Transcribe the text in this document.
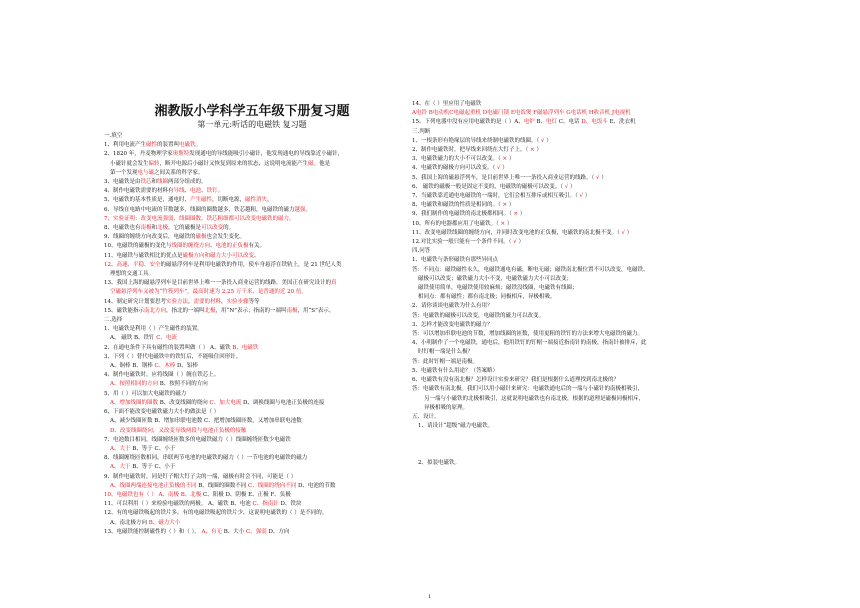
湘教版小学科学五年级下册复习题
第一单元:听话的电磁铁 复习题
一.填空
1、利用电流产生磁性的装置叫电磁铁。
2、1820 年，丹麦物理学家奥斯特发现通电的导线能吸引小磁针，他发现通电的导线靠近小磁针，
小磁针就会发生偏转，断开电源后小磁针又恢复到原来的状态，这说明电流能产生磁。他是
第一个发现电与磁之间关系的科学家。
3、电磁铁是由铁芯和线圈两部分组成的。
4、制作电磁铁需要的材料有导线、电池、铁钉。
5、电磁铁的基本性质是，通电时，产生磁性，切断电源，磁性消失。
6、导线在电路中电流的节数越多，线圈的圈数越多，铁芯越粗，电磁铁的磁力越强。
7、实验证明：改变电流强弱、线圈圈数、铁芯粗细都可以改变电磁铁的磁力。
8、电磁铁也有南极和北极，它的磁极是可以改变的。
9、线圈的缠绕方向改变后，电磁铁的磁极也会发生变化。
10、电磁铁的磁极的变化与线圈的缠绕方向、电池的正负极有关。
11、电磁铁与磁铁相比的优点是磁极方向和磁力大小可以改变。
12、高速、平稳、安全的磁悬浮列车是利用电磁铁的作用，使车身悬浮在铁轨上，是 21 世纪人类
理想的交通工具。
13、我国上海的磁悬浮列车是目前世界上唯一一条投入商业运营的线路。美国正在研究设计的真
空磁悬浮列车又被为“竹筏列车”，最高时速为 2.25 万千米，是普通的近 20 倍。
14、制定研究计划要思考实验方法，需要的材料，实验步骤等等
15、磁铁能指示南北方向，指北的一端叫北极，用“N”表示；指南的一端叫南极，用“S”表示。
二.选择
1、电磁铁是利用（ ）产生磁性的装置。
A、 磁铁 B、铁钉 C、电流
2、在通电条件下具有磁性的装置叫做（ ） A、磁铁 B、电磁铁
3、下列（ ）替代电磁铁中的铁钉后，不能吸住回形针。
A、铜棒 B、钢棒 C、木棒 D、铝棒
4、制作电磁铁时，应将线圈（ ）缠在铁芯上。
A、按照相同的方向 B、按照不同的方向
5、用（ ）可以加大电磁铁的磁力
A、增加线圈的圈数 B、改变线圈的绕向 C、加大电流 D、调换线圈与电池正负极的连接
6、下面不能改变电磁铁磁力大小的做法是（ ）
A、减少线圈匝数 B、增加串联电池数 C、把增加线圈匝数，又增加串联电池数
D、改变线圈绕向，又改变导线两段与电池正负极的接触
7、电池数目相同，线圈缠绕匝数多的电磁铁磁力（ ）线圈缠绕匝数少电磁铁
A、大于 B、等于 C、小于
8、线圈缠绕匝数相同，串联两节电池的电磁铁的磁力（ ）一节电池的电磁铁的磁力
A、大于 B、等于 C、小于
9、制作电磁铁时，同是钉子帽大钉子尖的一端，磁极有时会不同，可能是（ ）
A、线圈两端连接电池正负极的不同 B、线圈的圈数不同 C、线圈的绕向不同 D、电池的节数
10、电磁铁也有（ ） A、南极 B、北极 C、阳极 D、阴极 E、正极 F、负极
11、可以利用（ ）来检验电磁铁的两极。 A、磁铁 B、电池 C、指南针 D、铁块
12、有的电磁铁吸起的铁片多，有的电磁铁吸起的铁片少，这说明电磁铁的（ ）是不同的。
A、南北极方向 B、磁力大小
13、电磁铁能控制磁性的（ ）和（ ）。 A、有无 B、大小 C、强弱 D、方向
14、在（ ）里应用了电磁铁
A电铃 B电动机C电磁起重机 D电磁门锁 E电饭煲 F磁悬浮列车 G电话机 H收音机 J电视机
15、下列电器中没有应用电磁铁的是（ ）A、电炉 B、电灯 C、电话 D、电饭斗 E、洗衣机
三.判断
1、一根条形有绝缘层的导线来绕制电磁铁的线圈。（ √ ）
2、制作电磁铁时，把导线来回绕在大钉子上。（ × ）
3、电磁铁磁力的大小不可以改变。（ × ）
4、电磁铁的磁极方向可以改变。（ √ ）
5、我国上海的磁悬浮列车，是目前世界上唯一一条投入商业运营的线路。（ √ ）
6、 磁铁的磁极一般是固定不变的，电磁铁的磁极可以改变。（ √ ）
7、当磁铁靠近通电电磁铁的一端时，它们会相互排斥或相互吸引。（ √ ）
8、电磁铁和磁铁的性质是相同的。（ × ）
9、我们制作的电磁铁的南北极都相同。（ × ）
10、所有的电器都应用了电磁铁。（ × ）
11、改变电磁铁线圈的缠绕方向，并同时改变电池的正负极，电磁铁的南北极不变。（ √ ）
12.对比实验一般只能有一个条件不同。（ √ ）
四.问答
1、电磁铁与条形磁铁有那些异同点
答：不同点：磁铁磁性永久，电磁铁通电有磁，断电无磁；磁铁南北极位置不可以改变，电磁铁、
磁极可以改变；磁铁磁力大小不变，电磁铁磁力大小可以改变；
磁铁使用简单，电磁铁使用较麻烦；磁铁没线圈，电磁铁有线圈；
相同点：都有磁性；都有南北极；同极相斥，异极相吸。
2、请你谈谈电磁铁为什么有用？
答：电磁铁的磁极可以改变，电磁铁的磁力可以改变。
3、怎样才能改变电磁铁的磁力？
答：可以增加串联电池的节数，增加线圈的匝数，使用更粗的铁钉的方法来增大电磁铁的磁力。
4、小明制作了一个电磁铁，通电后，他用铁钉的钉帽一端接近指南针的南极，指南针被排斥，此
时钉帽一端是什么极？
答：此时钉帽一端是南极。
5、电磁铁有什么用途？（答案略）
6、电磁铁有没有南北极？怎样设计实验来研究？我们是根据什么道理找到南北极的？
答：电磁铁有南北极。我们可以用小磁针来研究：电磁铁通电后的一端与小磁针的南极相吸引，
另一端与小磁铁的北极相吸引，这就说明电磁铁也有南北极，根据的道理是磁极同极相斥，
异极相吸的原理。
五、设计。
1、请设计“超级”磁力电磁铁。

2、拟装电磁铁。
1
